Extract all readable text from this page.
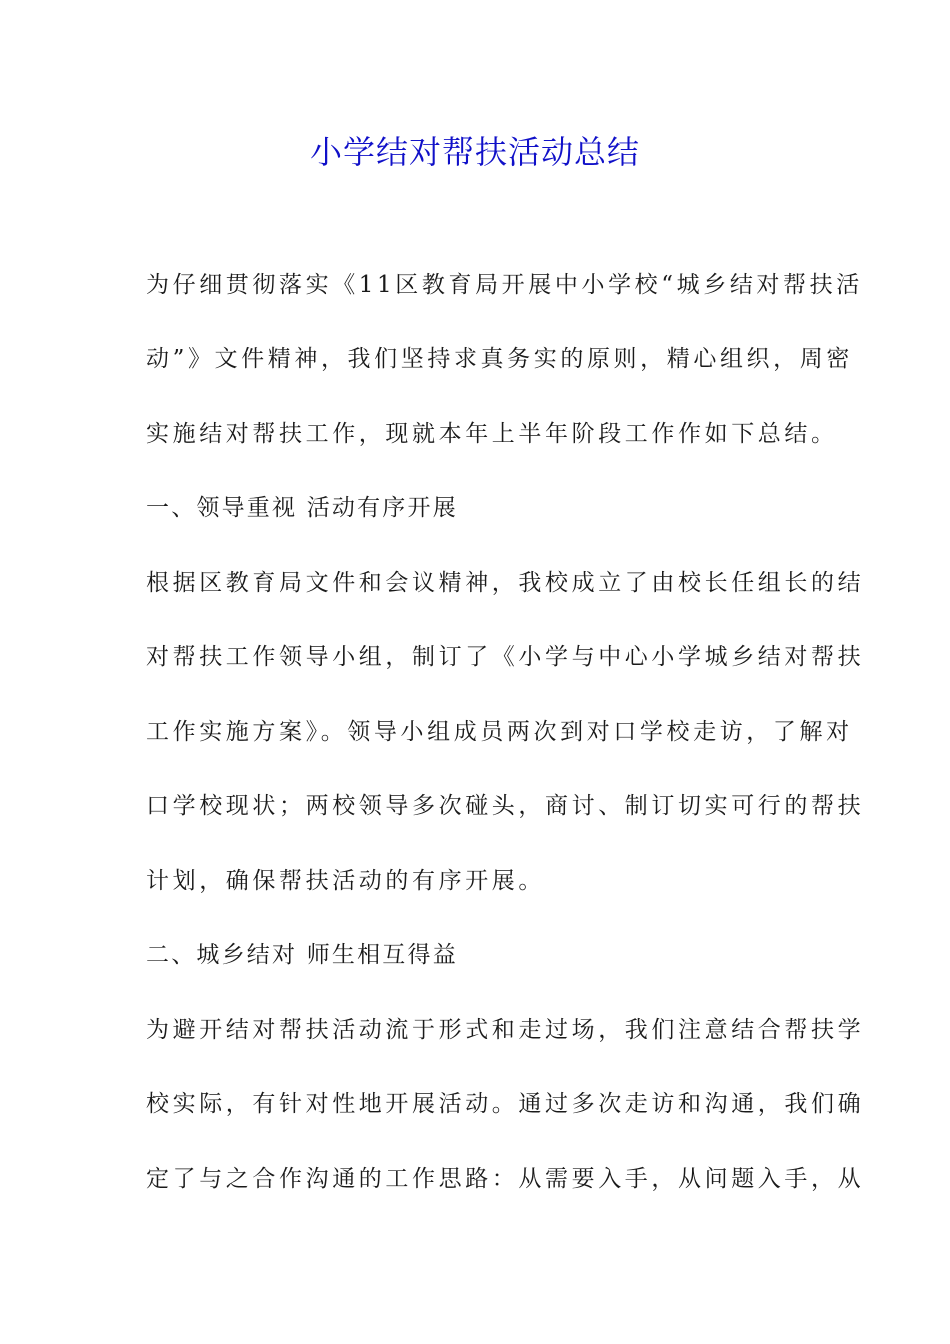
小学结对帮扶活动总结

为仔细贯彻落实《11区教育局开展中小学校“城乡结对帮扶活

动”》文件精神，我们坚持求真务实的原则，精心组织，周密

实施结对帮扶工作，现就本年上半年阶段工作作如下总结。

一、领导重视 活动有序开展

根据区教育局文件和会议精神，我校成立了由校长任组长的结

对帮扶工作领导小组，制订了《小学与中心小学城乡结对帮扶

工作实施方案》。领导小组成员两次到对口学校走访，了解对

口学校现状；两校领导多次碰头，商讨、制订切实可行的帮扶

计划，确保帮扶活动的有序开展。

二、城乡结对 师生相互得益

为避开结对帮扶活动流于形式和走过场，我们注意结合帮扶学

校实际，有针对性地开展活动。通过多次走访和沟通，我们确

定了与之合作沟通的工作思路：从需要入手，从问题入手，从
